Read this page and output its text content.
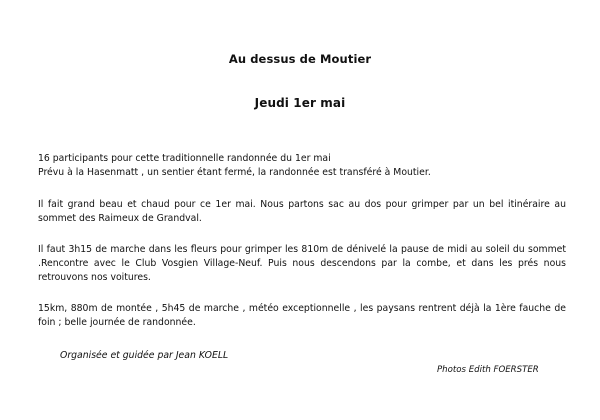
Au dessus de Moutier
Jeudi 1er mai

16 participants pour cette traditionnelle randonnée du 1er mai
Prévu à la Hasenmatt , un sentier étant fermé, la randonnée est transféré à Moutier.

Il fait grand beau et chaud pour ce 1er mai. Nous partons sac au dos pour grimper par un bel itinéraire au sommet des Raimeux de Grandval.

Il faut 3h15 de marche dans les fleurs pour grimper les 810m de dénivelé la pause de midi au soleil du sommet .Rencontre avec le Club Vosgien Village-Neuf. Puis nous descendons par la combe, et dans les prés nous retrouvons nos voitures.

15km, 880m de montée , 5h45 de marche , météo exceptionnelle , les paysans rentrent déjà la 1ère fauche de foin ; belle journée de randonnée.

Organisée et guidée par Jean KOELL
Photos Edith FOERSTER
